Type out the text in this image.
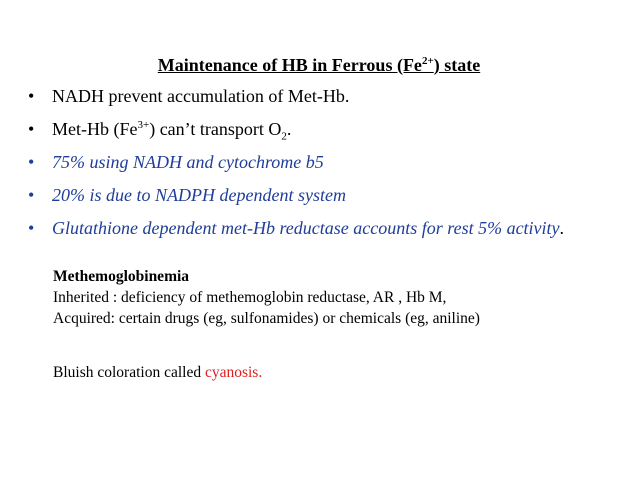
Maintenance of HB in Ferrous $(Fe^{2+})$ state
• NADH prevent accumulation of Met-Hb.
• Met-Hb $(Fe^{3+})$ can’t transport $O_2$.
• 75% using NADH and cytochrome b5
• 20% is due to NADPH dependent system
• Glutathione dependent met-Hb reductase accounts for rest 5% activity.
Methemoglobinemia
Inherited : deficiency of methemoglobin reductase, AR , Hb M,
Acquired: certain drugs (eg, sulfonamides) or chemicals (eg, aniline)
Bluish coloration called cyanosis.
